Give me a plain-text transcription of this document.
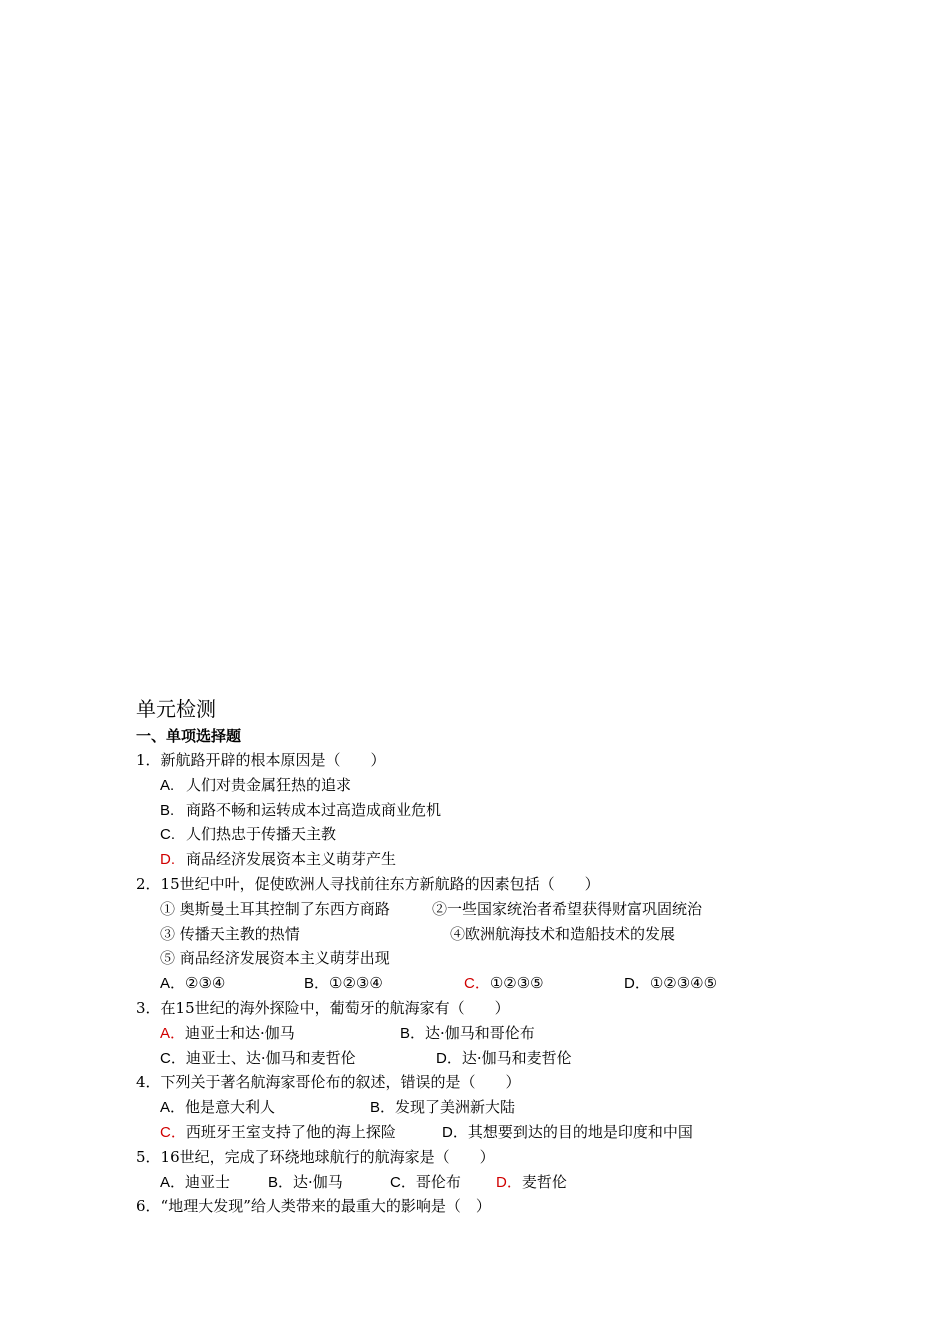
单元检测
一、单项选择题
1．新航路开辟的根本原因是（　　）
A. 人们对贵金属狂热的追求
B. 商路不畅和运转成本过高造成商业危机
C. 人们热忠于传播天主教
D. 商品经济发展资本主义萌芽产生
2．15世纪中叶，促使欧洲人寻找前往东方新航路的因素包括（　　）
① 奥斯曼土耳其控制了东西方商路	②一些国家统治者希望获得财富巩固统治
③ 传播天主教的热情	④欧洲航海技术和造船技术的发展
⑤ 商品经济发展资本主义萌芽出现
A．②③④	B．①②③④	C．①②③⑤	D．①②③④⑤
3．在15世纪的海外探险中，葡萄牙的航海家有（　　）
A．迪亚士和达·伽马	B．达·伽马和哥伦布
C．迪亚士、达·伽马和麦哲伦	D．达·伽马和麦哲伦
4．下列关于著名航海家哥伦布的叙述，错误的是（　　）
A．他是意大利人	B．发现了美洲新大陆
C．西班牙王室支持了他的海上探险	D．其想要到达的目的地是印度和中国
5．16世纪，完成了环绕地球航行的航海家是（　　）
A．迪亚士	B．达·伽马	C．哥伦布 D．麦哲伦
6．“地理大发现”给人类带来的最重大的影响是（　）
